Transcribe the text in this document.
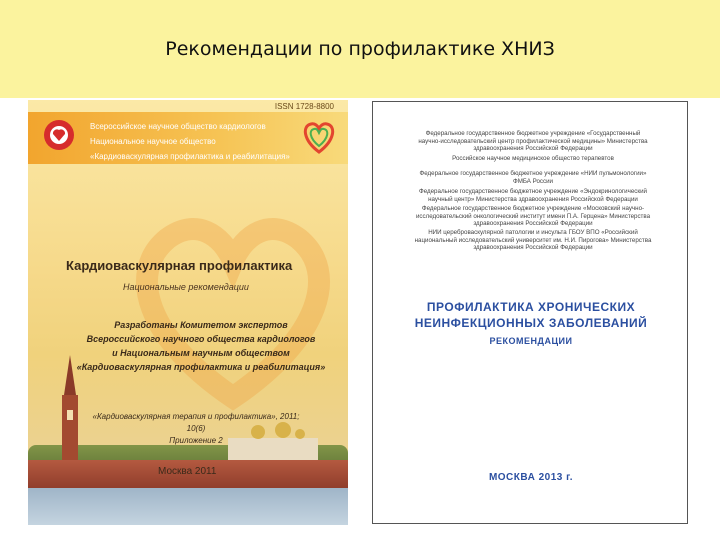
Рекомендации по профилактике ХНИЗ
ISSN 1728-8800
Всероссийское научное общество кардиологов
Национальное научное общество
«Кардиоваскулярная профилактика и реабилитация»
Кардиоваскулярная профилактика
Национальные рекомендации
Разработаны Комитетом экспертов
Всероссийского научного общества кардиологов
и Национальным научным обществом
«Кардиоваскулярная профилактика и реабилитация»
«Кардиоваскулярная терапия и профилактика», 2011; 10(6)
Приложение 2
Москва 2011
Федеральное государственное бюджетное учреждение «Государственный
научно-исследовательский центр профилактической медицины» Министерства
здравоохранения Российской Федерации
Российское научное медицинское общество терапевтов
Федеральное государственное бюджетное учреждение «НИИ пульмонологии»
ФМБА России
Федеральное государственное бюджетное учреждение «Эндокринологический
научный центр» Министерства здравоохранения Российской Федерации
Федеральное государственное бюджетное учреждение «Московский научно-
исследовательский онкологический институт имени П.А. Герцена» Министерства
здравоохранения Российской Федерации
НИИ цереброваскулярной патологии и инсульта ГБОУ ВПО «Российский
национальный исследовательский университет им. Н.И. Пирогова» Министерства
здравоохранения Российской Федерации
ПРОФИЛАКТИКА ХРОНИЧЕСКИХ
НЕИНФЕКЦИОННЫХ ЗАБОЛЕВАНИЙ
РЕКОМЕНДАЦИИ
МОСКВА 2013 г.
